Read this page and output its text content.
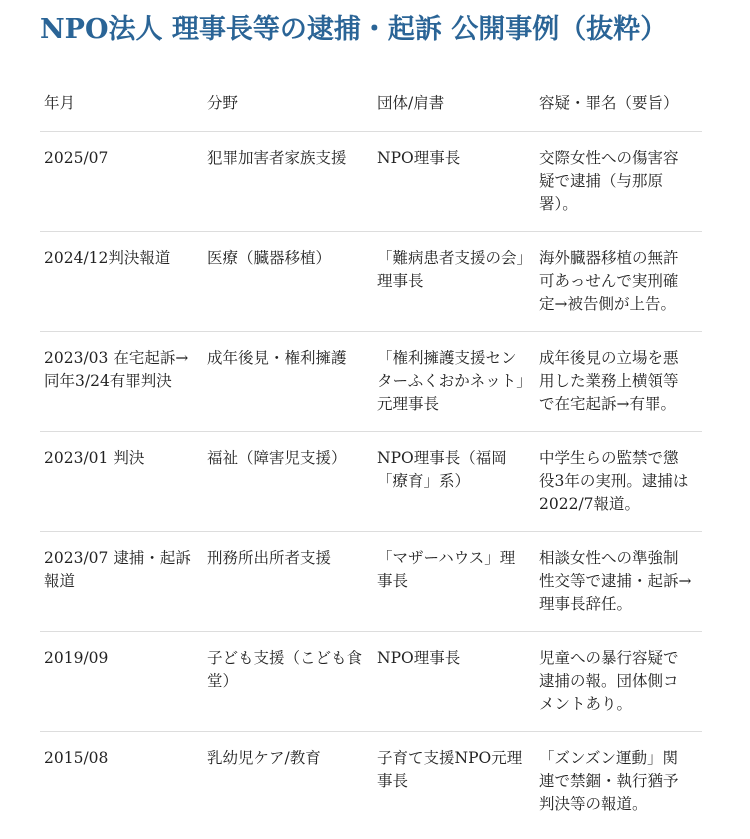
NPO法人 理事長等の逮捕・起訴 公開事例（抜粋）
年月	分野	団体/肩書	容疑・罪名（要旨）
2025/07	犯罪加害者家族支援	NPO理事長	交際女性への傷害容疑で逮捕（与那原署）。
2024/12判決報道	医療（臓器移植）	「難病患者支援の会」理事長	海外臓器移植の無許可あっせんで実刑確定→被告側が上告。
2023/03 在宅起訴→同年3/24有罪判決	成年後見・権利擁護	「権利擁護支援センターふくおかネット」元理事長	成年後見の立場を悪用した業務上横領等で在宅起訴→有罪。
2023/01 判決	福祉（障害児支援）	NPO理事長（福岡「療育」系）	中学生らの監禁で懲役3年の実刑。逮捕は2022/7報道。
2023/07 逮捕・起訴報道	刑務所出所者支援	「マザーハウス」理事長	相談女性への準強制性交等で逮捕・起訴→理事長辞任。
2019/09	子ども支援（こども食堂）	NPO理事長	児童への暴行容疑で逮捕の報。団体側コメントあり。
2015/08	乳幼児ケア/教育	子育て支援NPO元理事長	「ズンズン運動」関連で禁錮・執行猶予判決等の報道。
